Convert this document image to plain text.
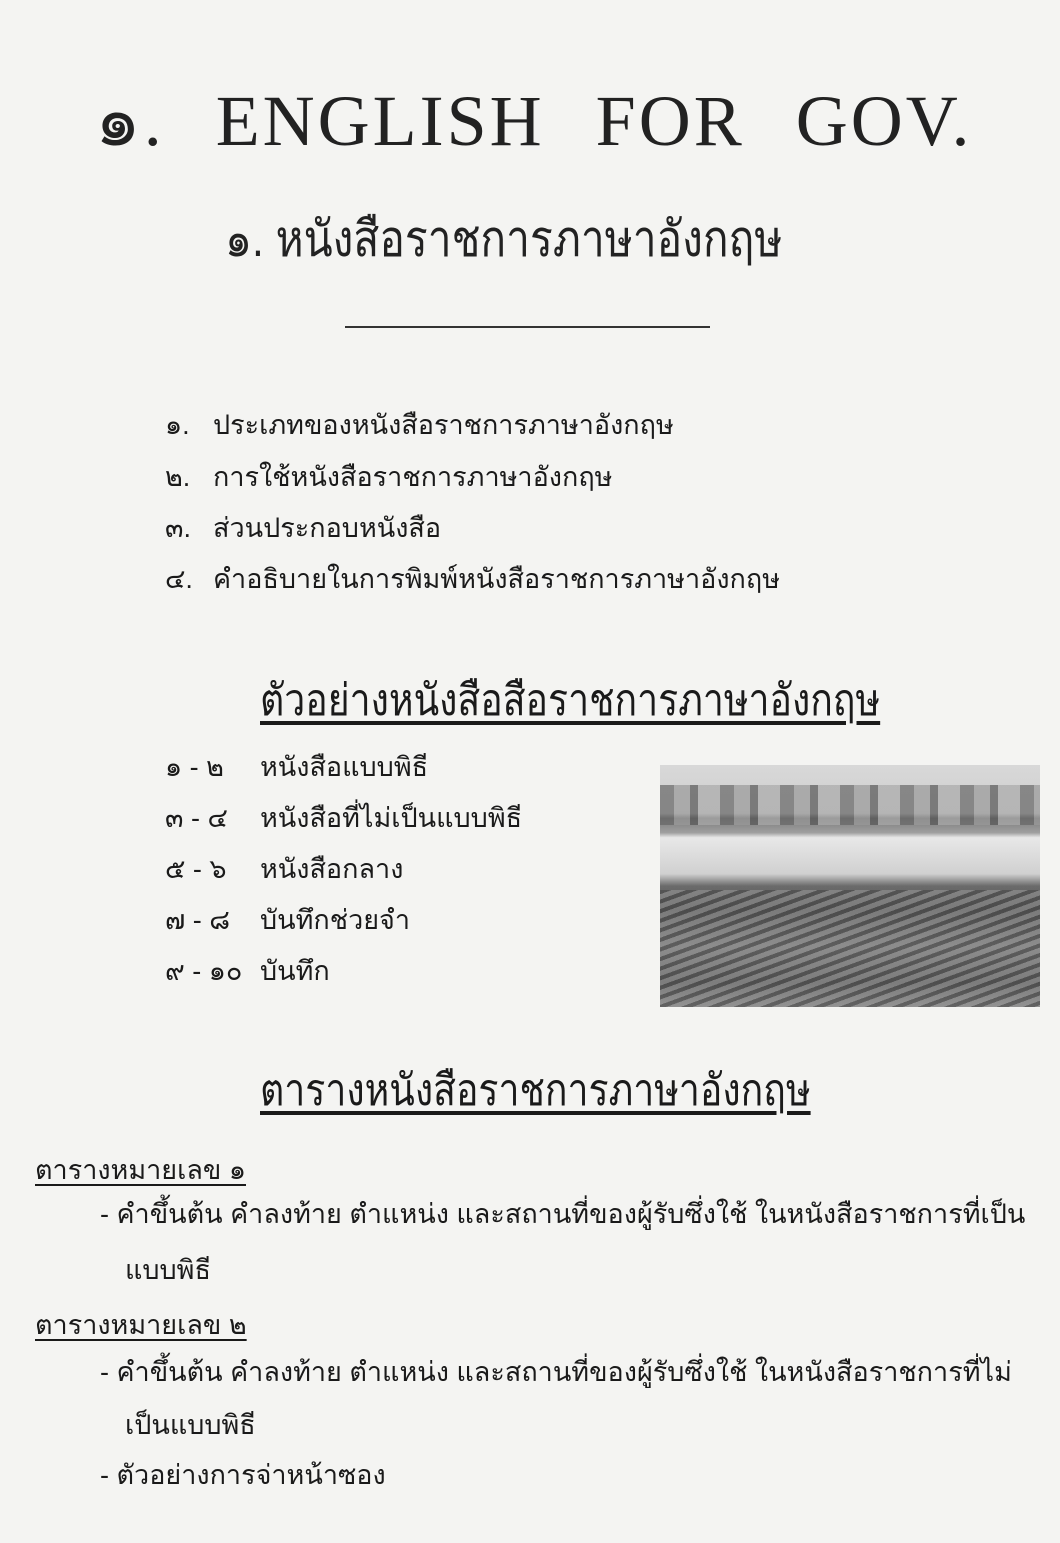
๑. ENGLISH FOR GOV.
๑. หนังสือราชการภาษาอังกฤษ
๑. ประเภทของหนังสือราชการภาษาอังกฤษ
๒. การใช้หนังสือราชการภาษาอังกฤษ
๓. ส่วนประกอบหนังสือ
๔. คำอธิบายในการพิมพ์หนังสือราชการภาษาอังกฤษ
ตัวอย่างหนังสือสือราชการภาษาอังกฤษ
๑ - ๒ หนังสือแบบพิธี
๓ - ๔ หนังสือที่ไม่เป็นแบบพิธี
๕ - ๖ หนังสือกลาง
๗ - ๘ บันทึกช่วยจำ
๙ - ๑๐ บันทึก
ตารางหนังสือราชการภาษาอังกฤษ
ตารางหมายเลข ๑
- คำขึ้นต้น คำลงท้าย ตำแหน่ง และสถานที่ของผู้รับซึ่งใช้ ในหนังสือราชการที่เป็น
แบบพิธี
ตารางหมายเลข ๒
- คำขึ้นต้น คำลงท้าย ตำแหน่ง และสถานที่ของผู้รับซึ่งใช้ ในหนังสือราชการที่ไม่
เป็นแบบพิธี
- ตัวอย่างการจ่าหน้าซอง
